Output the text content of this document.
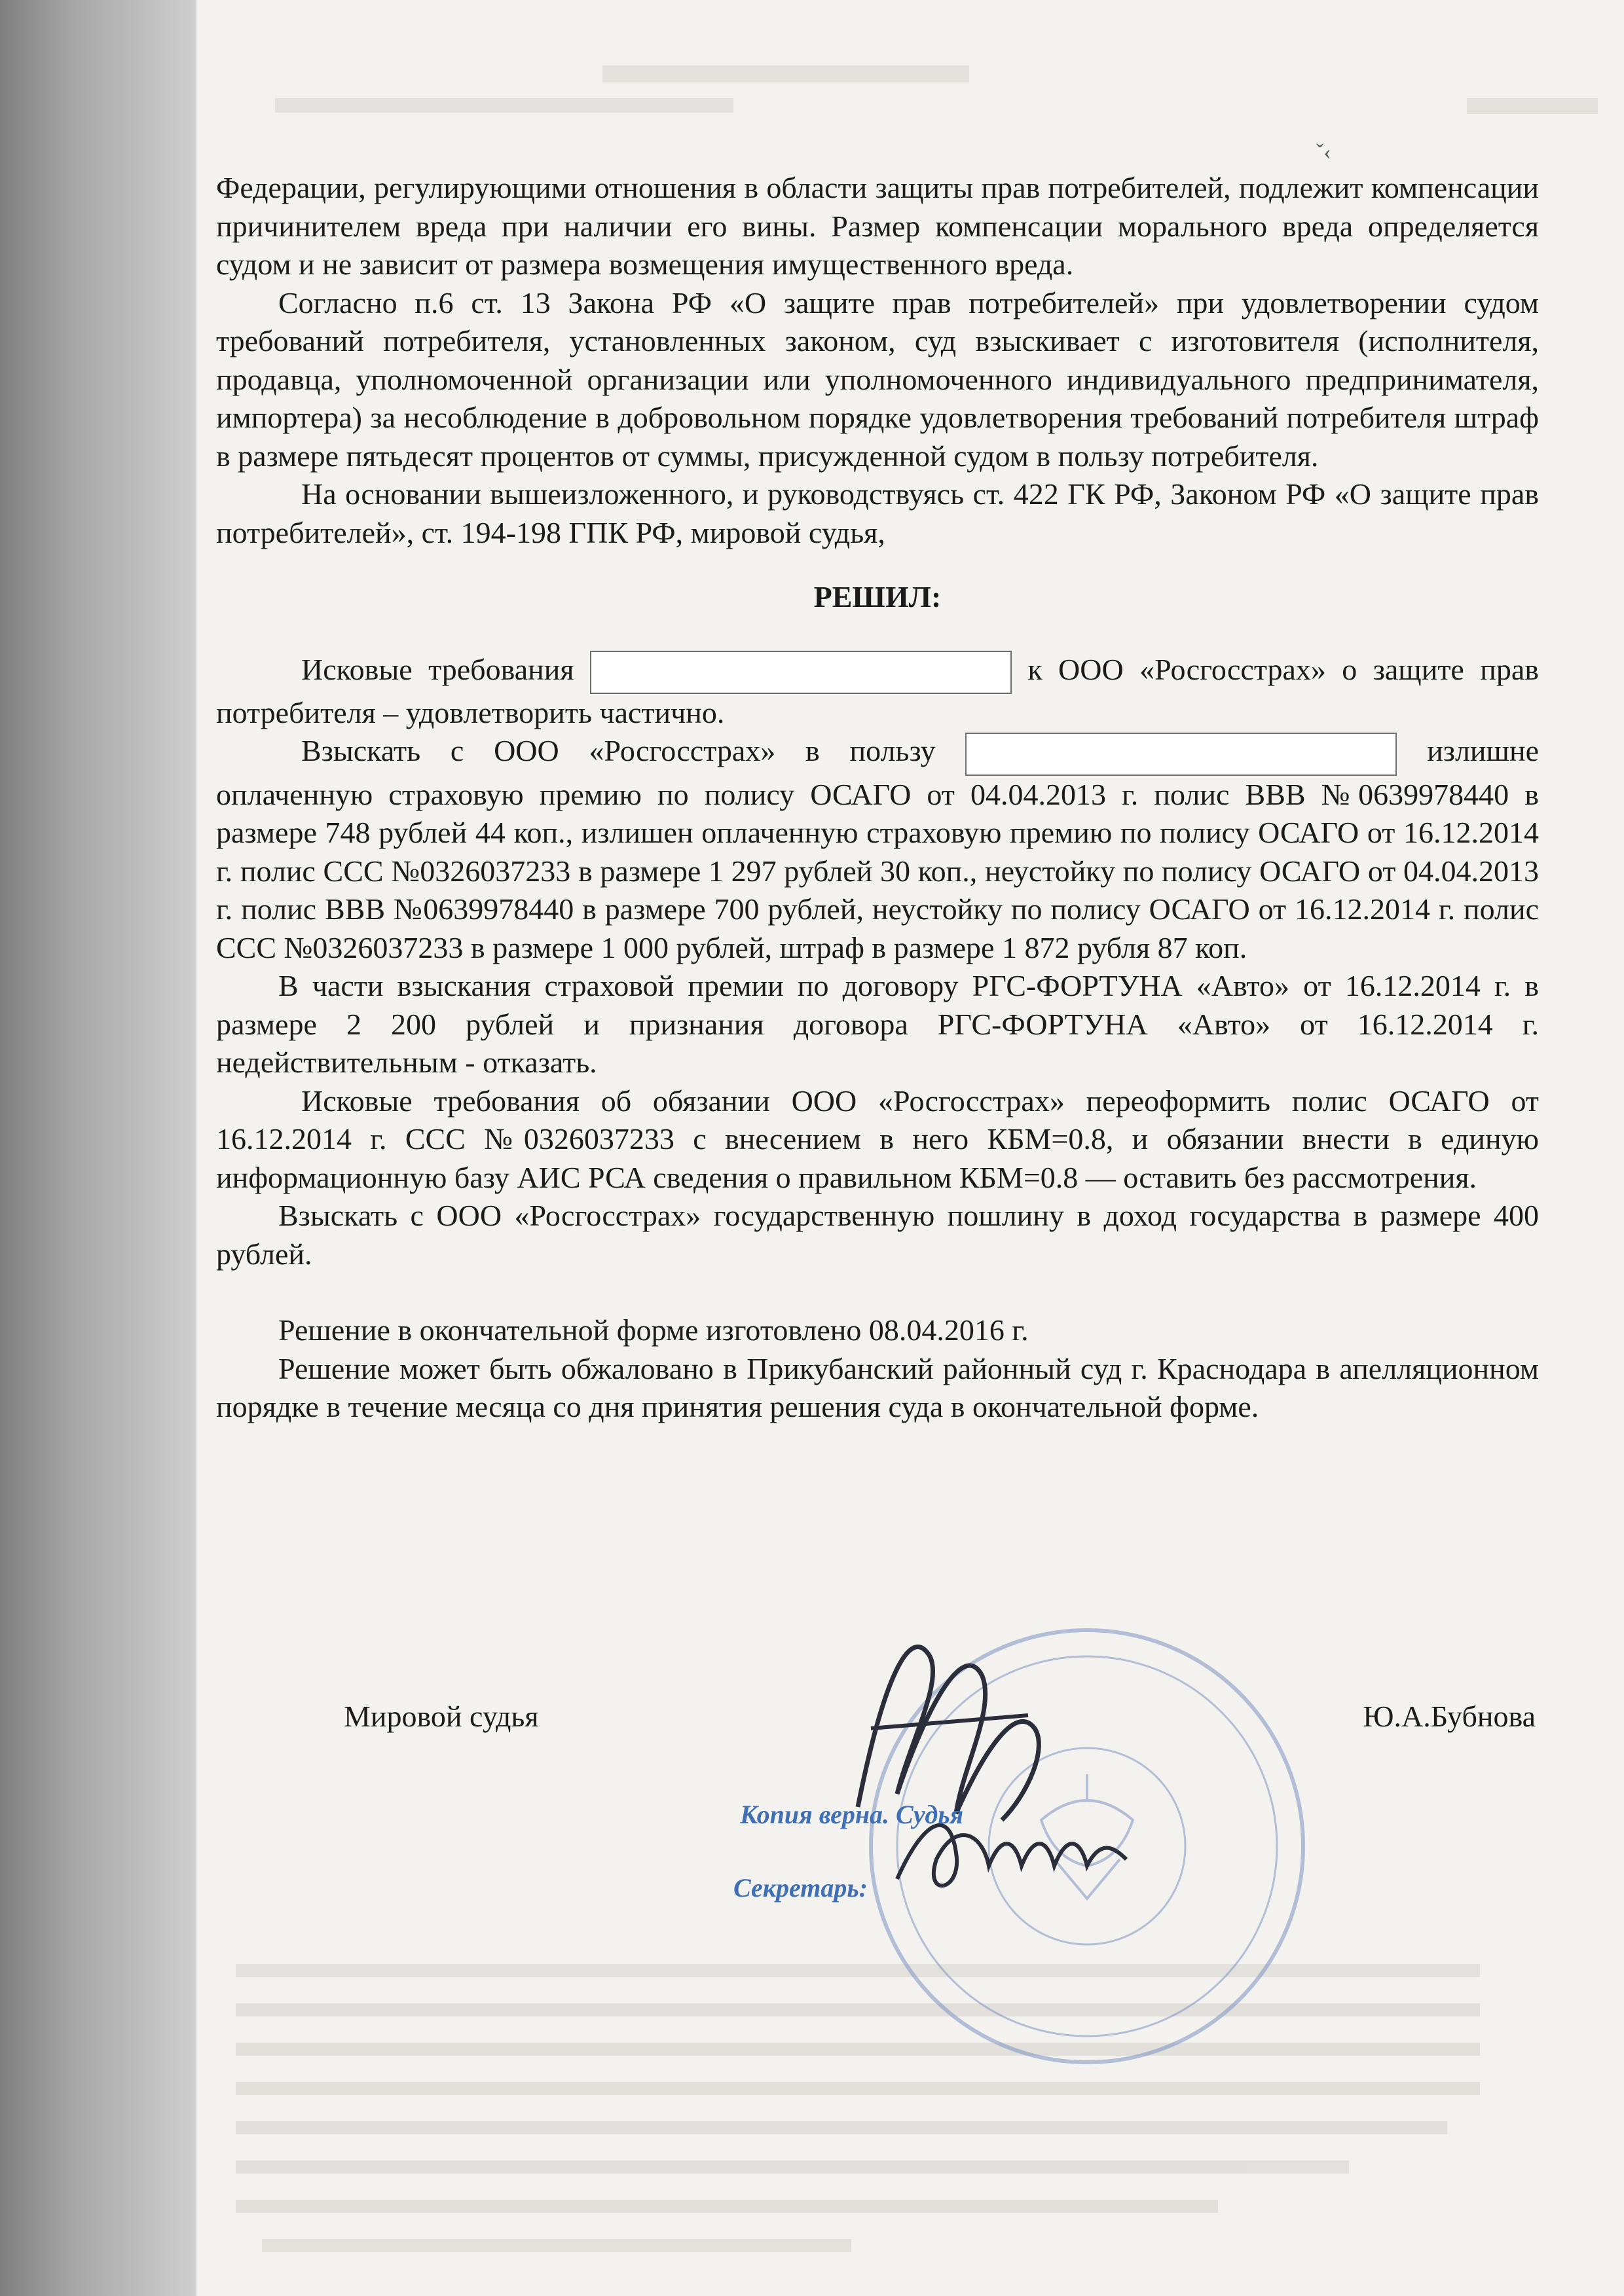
ˇ‹

Федерации, регулирующими отношения в области защиты прав потребителей, подлежит компенсации причинителем вреда при наличии его вины. Размер компенсации морального вреда определяется судом и не зависит от размера возмещения имущественного вреда.

Согласно п.6 ст. 13 Закона РФ «О защите прав потребителей» при удовлетворении судом требований потребителя, установленных законом, суд взыскивает с изготовителя (исполнителя, продавца, уполномоченной организации или уполномоченного индивидуального предпринимателя, импортера) за несоблюдение в добровольном порядке удовлетворения требований потребителя штраф в размере пятьдесят процентов от суммы, присужденной судом в пользу потребителя.

На основании вышеизложенного, и руководствуясь ст. 422 ГК РФ, Законом РФ «О защите прав потребителей», ст. 194-198 ГПК РФ, мировой судья,

РЕШИЛ:

Исковые требования	к ООО «Росгосстрах» о защите прав потребителя – удовлетворить частично.

Взыскать с ООО «Росгосстрах» в пользу	излишне оплаченную страховую премию по полису ОСАГО от 04.04.2013 г. полис ВВВ №0639978440 в размере 748 рублей 44 коп., излишен оплаченную страховую премию по полису ОСАГО от 16.12.2014 г. полис ССС №0326037233 в размере 1 297 рублей 30 коп., неустойку по полису ОСАГО от 04.04.2013 г. полис ВВВ №0639978440 в размере 700 рублей, неустойку по полису ОСАГО от 16.12.2014 г. полис ССС №0326037233 в размере 1 000 рублей, штраф в размере 1 872 рубля 87 коп.

В части взыскания страховой премии по договору РГС-ФОРТУНА «Авто» от 16.12.2014 г. в размере 2 200 рублей и признания договора РГС-ФОРТУНА «Авто» от 16.12.2014 г. недействительным - отказать.

Исковые требования об обязании ООО «Росгосстрах» переоформить полис ОСАГО от 16.12.2014 г. ССС №0326037233 с внесением в него КБМ=0.8, и обязании внести в единую информационную базу АИС РСА сведения о правильном КБМ=0.8 — оставить без рассмотрения.

Взыскать с ООО «Росгосстрах» государственную пошлину в доход государства в размере 400 рублей.

Решение в окончательной форме изготовлено 08.04.2016 г.

Решение может быть обжаловано в Прикубанский районный суд г. Краснодара в апелляционном порядке в течение месяца со дня принятия решения суда в окончательной форме.

Копия верна. Судья
Секретарь:
Мировой судья	Ю.А.Бубнова
